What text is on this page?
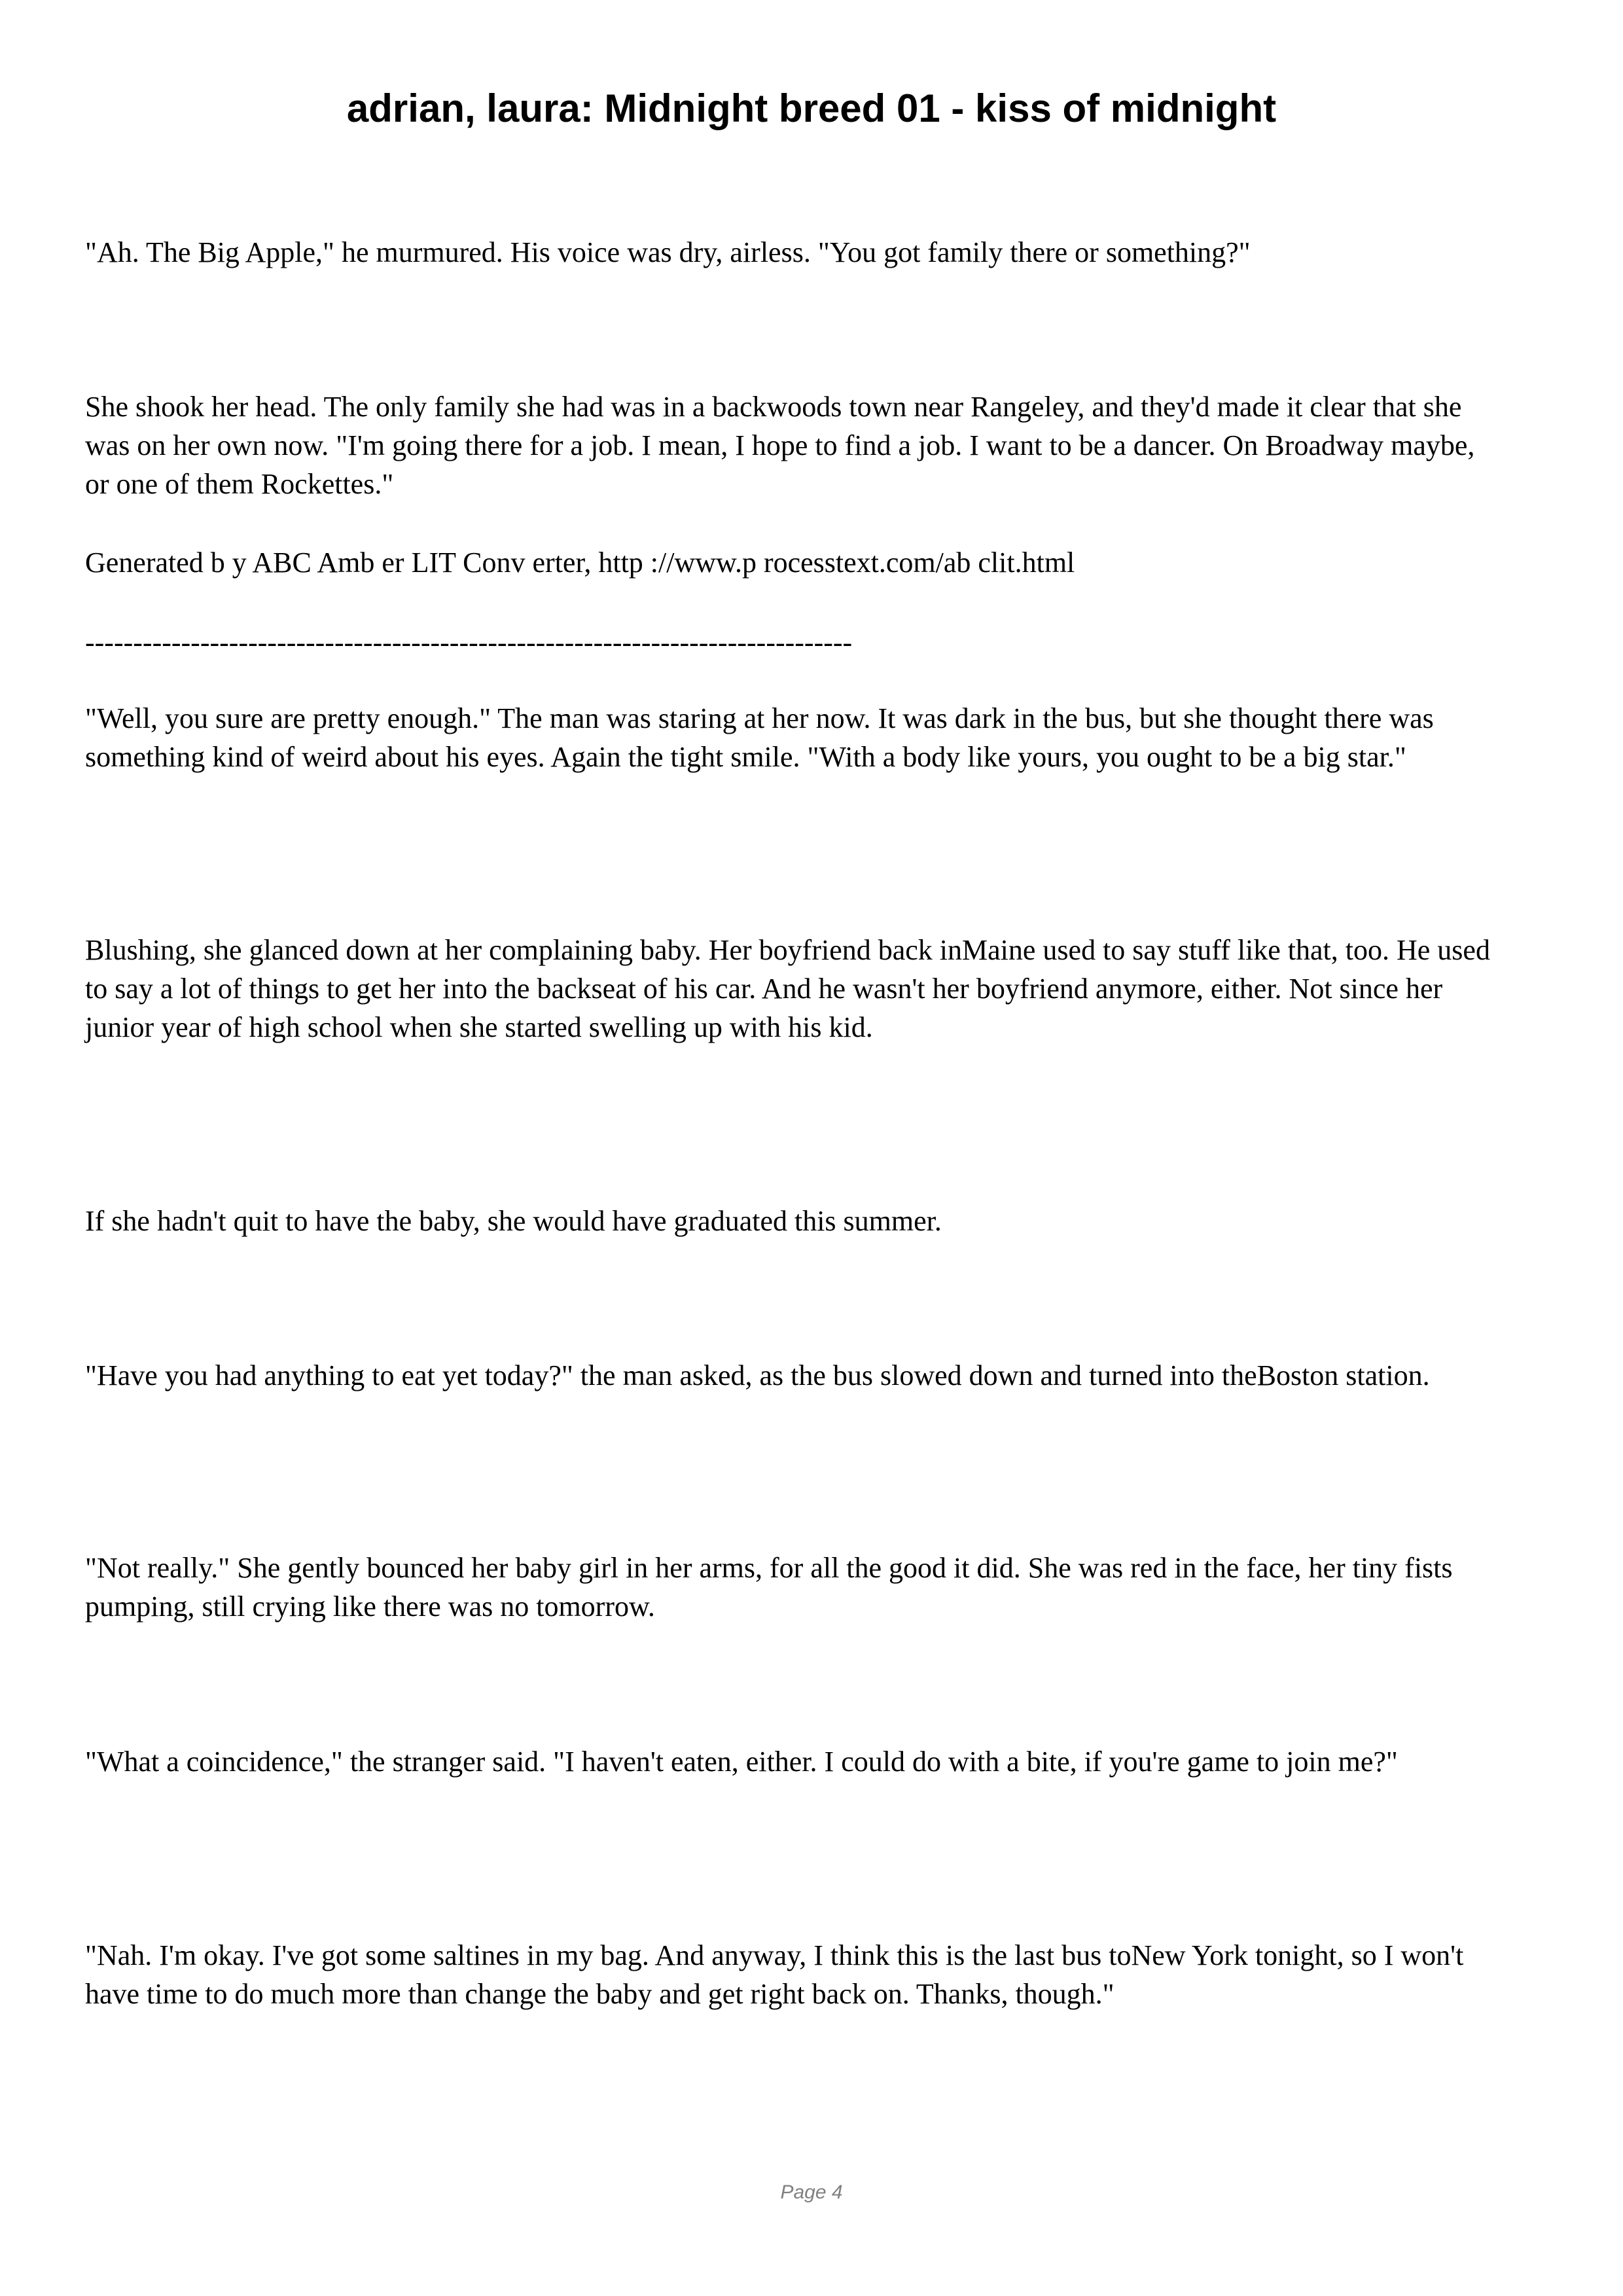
adrian, laura: Midnight breed 01 - kiss of midnight

"Ah. The Big Apple," he murmured. His voice was dry, airless. "You got family there or something?"

She shook her head. The only family she had was in a backwoods town near Rangeley, and they'd made it clear that she was on her own now. "I'm going there for a job. I mean, I hope to find a job. I want to be a dancer. On Broadway maybe, or one of them Rockettes."

Generated b y ABC Amb er LIT Conv erter, http ://www.p rocesstext.com/ab clit.html

--------------------------------------------------------------------------------

"Well, you sure are pretty enough." The man was staring at her now. It was dark in the bus, but she thought there was something kind of weird about his eyes. Again the tight smile. "With a body like yours, you ought to be a big star."

Blushing, she glanced down at her complaining baby. Her boyfriend back inMaine used to say stuff like that, too. He used to say a lot of things to get her into the backseat of his car. And he wasn't her boyfriend anymore, either. Not since her junior year of high school when she started swelling up with his kid.

If she hadn't quit to have the baby, she would have graduated this summer.

"Have you had anything to eat yet today?" the man asked, as the bus slowed down and turned into theBoston station.

"Not really." She gently bounced her baby girl in her arms, for all the good it did. She was red in the face, her tiny fists pumping, still crying like there was no tomorrow.

"What a coincidence," the stranger said. "I haven't eaten, either. I could do with a bite, if you're game to join me?"

"Nah. I'm okay. I've got some saltines in my bag. And anyway, I think this is the last bus toNew York tonight, so I won't have time to do much more than change the baby and get right back on. Thanks, though."

Page 4
